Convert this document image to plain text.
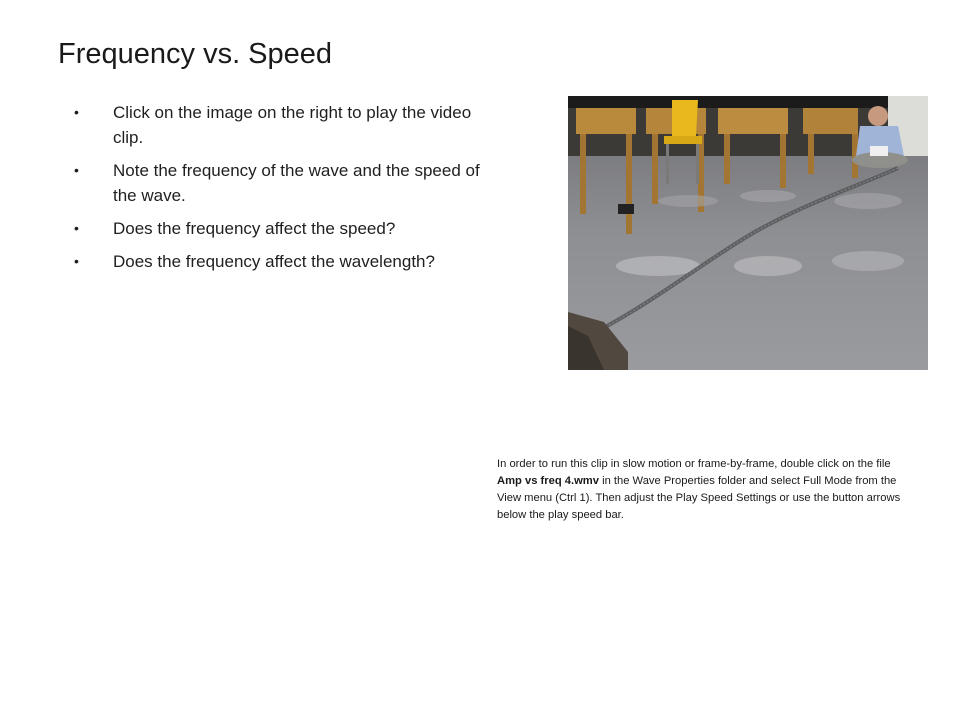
Frequency vs. Speed
• Click on the image on the right to play the video clip.
• Note the frequency of the wave and the speed of the wave.
• Does the frequency affect the speed?
• Does the frequency affect the wavelength?
In order to run this clip in slow motion or frame-by-frame, double click on the file Amp vs freq 4.wmv in the Wave Properties folder and select Full Mode from the View menu (Ctrl 1). Then adjust the Play Speed Settings or use the button arrows below the play speed bar.
